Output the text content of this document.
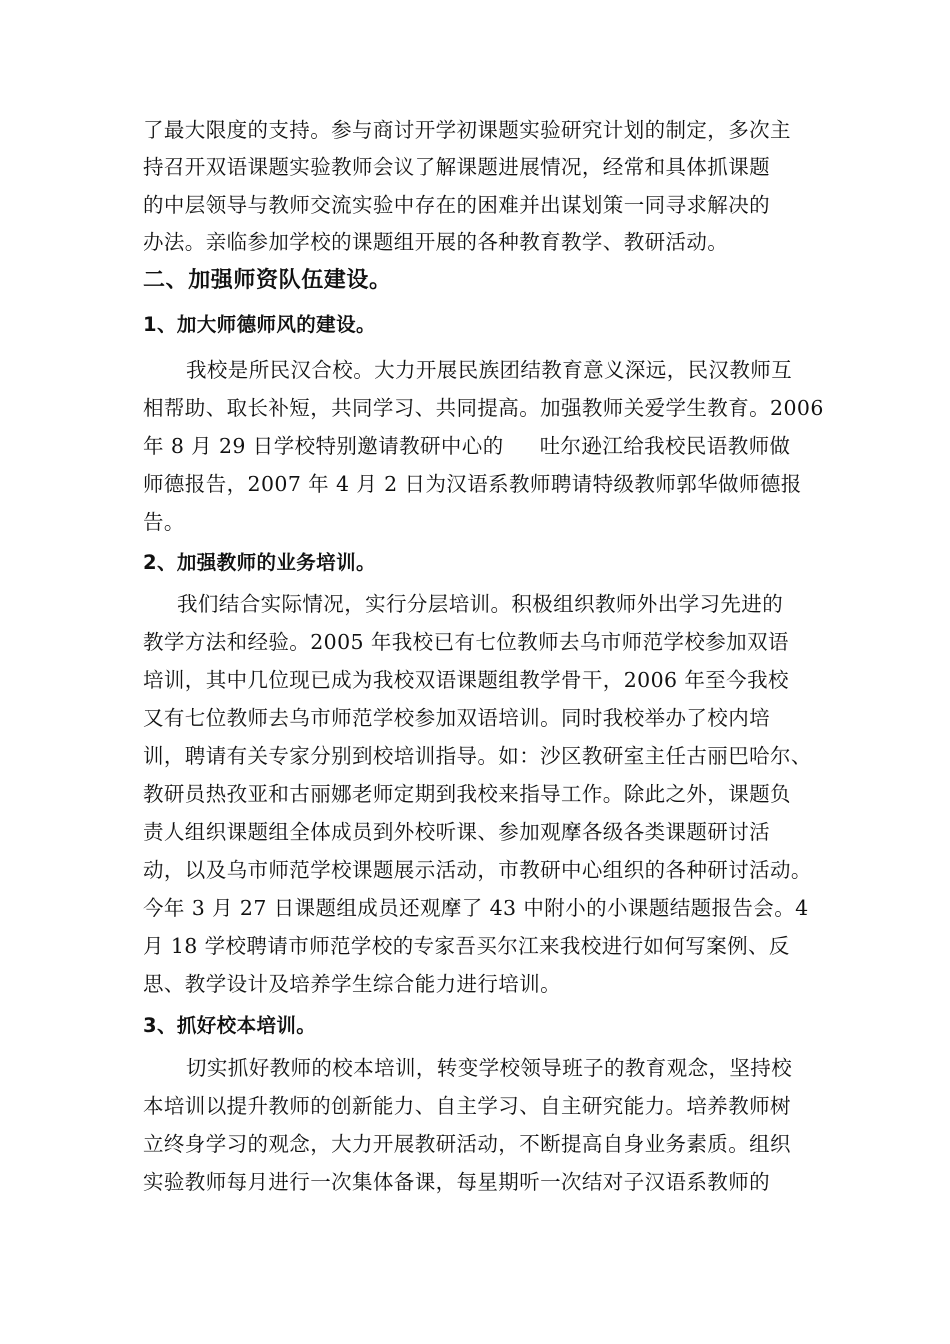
了最大限度的支持。参与商讨开学初课题实验研究计划的制定，多次主

持召开双语课题实验教师会议了解课题进展情况，经常和具体抓课题

的中层领导与教师交流实验中存在的困难并出谋划策一同寻求解决的

办法。亲临参加学校的课题组开展的各种教育教学、教研活动。

二、加强师资队伍建设。

1、加大师德师风的建设。

我校是所民汉合校。大力开展民族团结教育意义深远，民汉教师互

相帮助、取长补短，共同学习、共同提高。加强教师关爱学生教育。2006

年 8 月 29 日学校特别邀请教研中心的 吐尔逊江给我校民语教师做

师德报告，2007 年 4 月 2 日为汉语系教师聘请特级教师郭华做师德报

告。

2、加强教师的业务培训。

我们结合实际情况，实行分层培训。积极组织教师外出学习先进的

教学方法和经验。2005 年我校已有七位教师去乌市师范学校参加双语

培训，其中几位现已成为我校双语课题组教学骨干，2006 年至今我校

又有七位教师去乌市师范学校参加双语培训。同时我校举办了校内培

训，聘请有关专家分别到校培训指导。如：沙区教研室主任古丽巴哈尔、

教研员热孜亚和古丽娜老师定期到我校来指导工作。除此之外，课题负

责人组织课题组全体成员到外校听课、参加观摩各级各类课题研讨活

动，以及乌市师范学校课题展示活动，市教研中心组织的各种研讨活动。

今年 3 月 27 日课题组成员还观摩了 43 中附小的小课题结题报告会。4

月 18 学校聘请市师范学校的专家吾买尔江来我校进行如何写案例、反

思、教学设计及培养学生综合能力进行培训。

3、抓好校本培训。

切实抓好教师的校本培训，转变学校领导班子的教育观念，坚持校

本培训以提升教师的创新能力、自主学习、自主研究能力。培养教师树

立终身学习的观念，大力开展教研活动，不断提高自身业务素质。组织

实验教师每月进行一次集体备课，每星期听一次结对子汉语系教师的
